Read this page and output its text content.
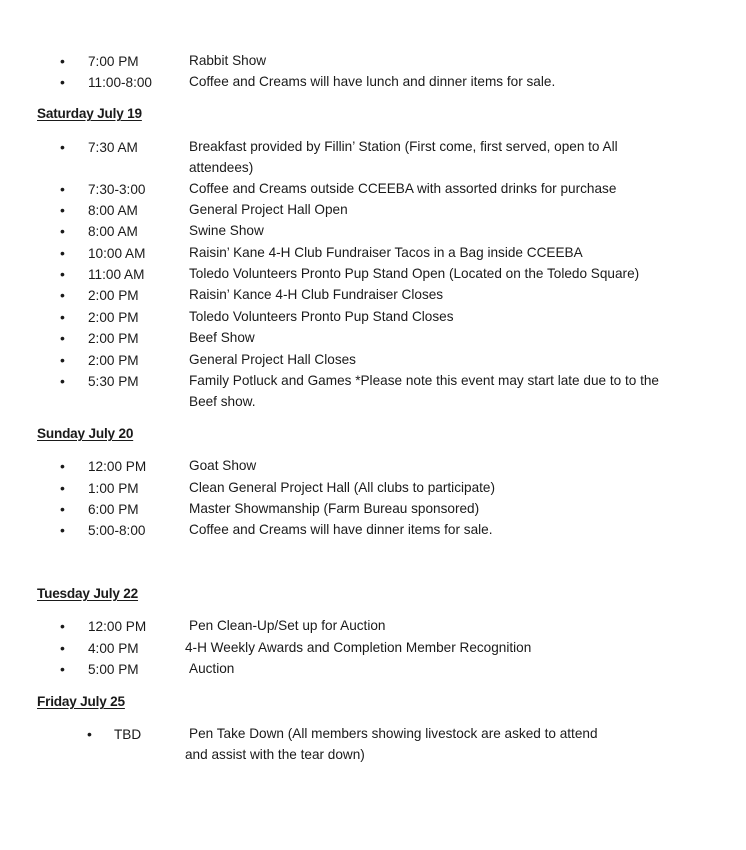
• 7:00 PM	Rabbit Show
• 11:00-8:00	Coffee and Creams will have lunch and dinner items for sale.
Saturday July 19
• 7:30 AM	Breakfast provided by Fillin’ Station (First come, first served, open to All attendees)
• 7:30-3:00	Coffee and Creams outside CCEEBA with assorted drinks for purchase
• 8:00 AM	General Project Hall Open
• 8:00 AM	Swine Show
• 10:00 AM	Raisin’ Kane 4-H Club Fundraiser Tacos in a Bag inside CCEEBA
• 11:00 AM	Toledo Volunteers Pronto Pup Stand Open (Located on the Toledo Square)
• 2:00 PM	Raisin’ Kance 4-H Club Fundraiser Closes
• 2:00 PM	Toledo Volunteers Pronto Pup Stand Closes
• 2:00 PM	Beef Show
• 2:00 PM	General Project Hall Closes
• 5:30 PM	Family Potluck and Games *Please note this event may start late due to to the Beef show.
Sunday July 20
• 12:00 PM	Goat Show
• 1:00 PM	Clean General Project Hall (All clubs to participate)
• 6:00 PM	Master Showmanship (Farm Bureau sponsored)
• 5:00-8:00	Coffee and Creams will have dinner items for sale.
Tuesday July 22
• 12:00 PM	Pen Clean-Up/Set up for Auction
• 4:00 PM	4-H Weekly Awards and Completion Member Recognition
• 5:00 PM	Auction
Friday July 25
• TBD	Pen Take Down (All members showing livestock are asked to attend and assist with the tear down)
